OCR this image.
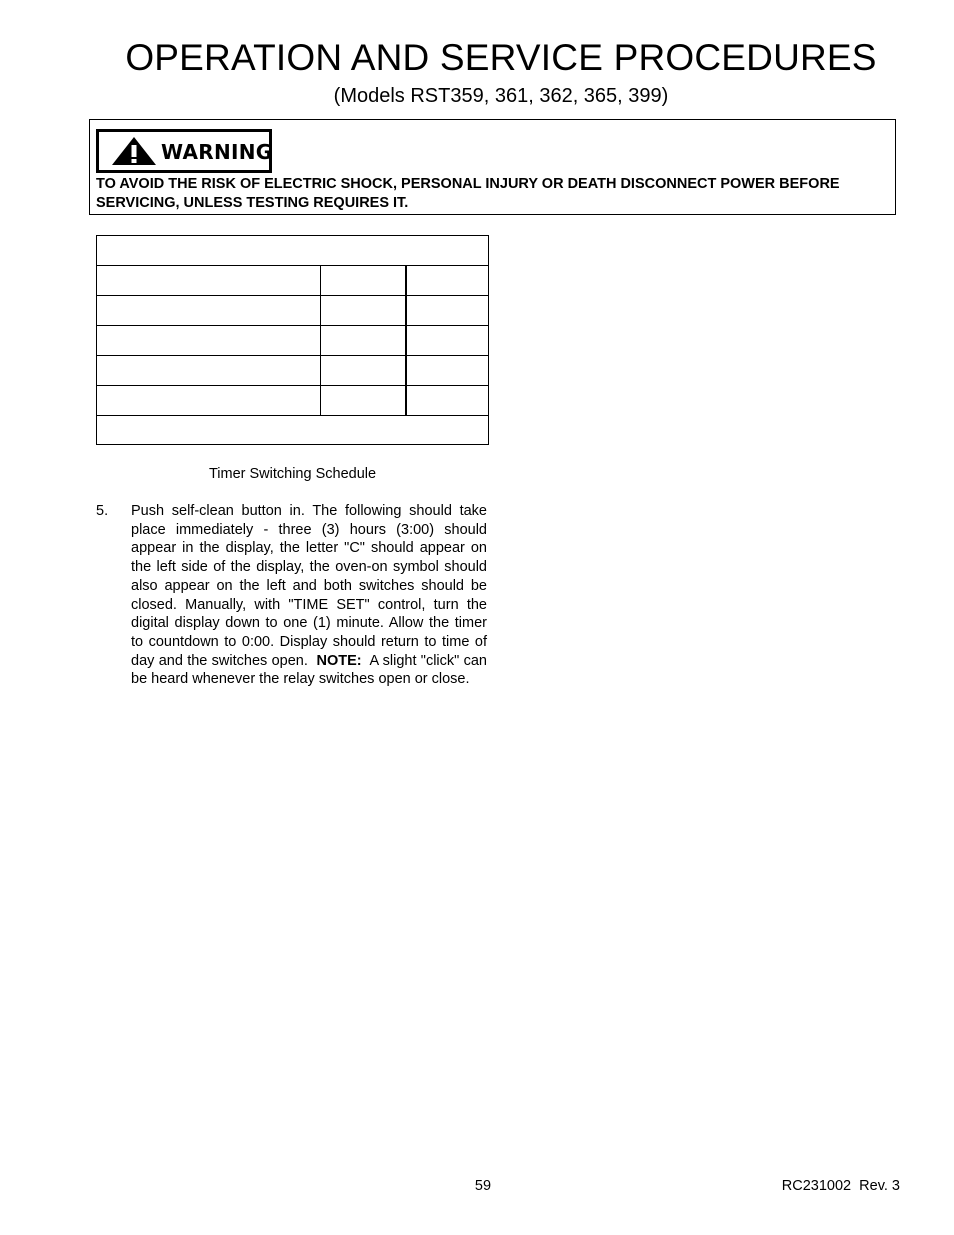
OPERATION AND SERVICE PROCEDURES
(Models RST359, 361, 362, 365, 399)
WARNING
TO AVOID THE RISK OF ELECTRIC SHOCK, PERSONAL INJURY OR DEATH DISCONNECT POWER BEFORE SERVICING, UNLESS TESTING REQUIRES IT.
Timer Switching Schedule
5. Push self-clean button in. The following should take place immediately - three (3) hours (3:00) should appear in the display, the letter "C" should appear on the left side of the display, the oven-on symbol should also appear on the left and both switches should be closed. Manually, with "TIME SET" control, turn the digital display down to one (1) minute. Allow the timer to countdown to 0:00. Display should return to time of day and the switches open. NOTE: A slight "click" can be heard whenever the relay switches open or close.
59	RC231002  Rev. 3
